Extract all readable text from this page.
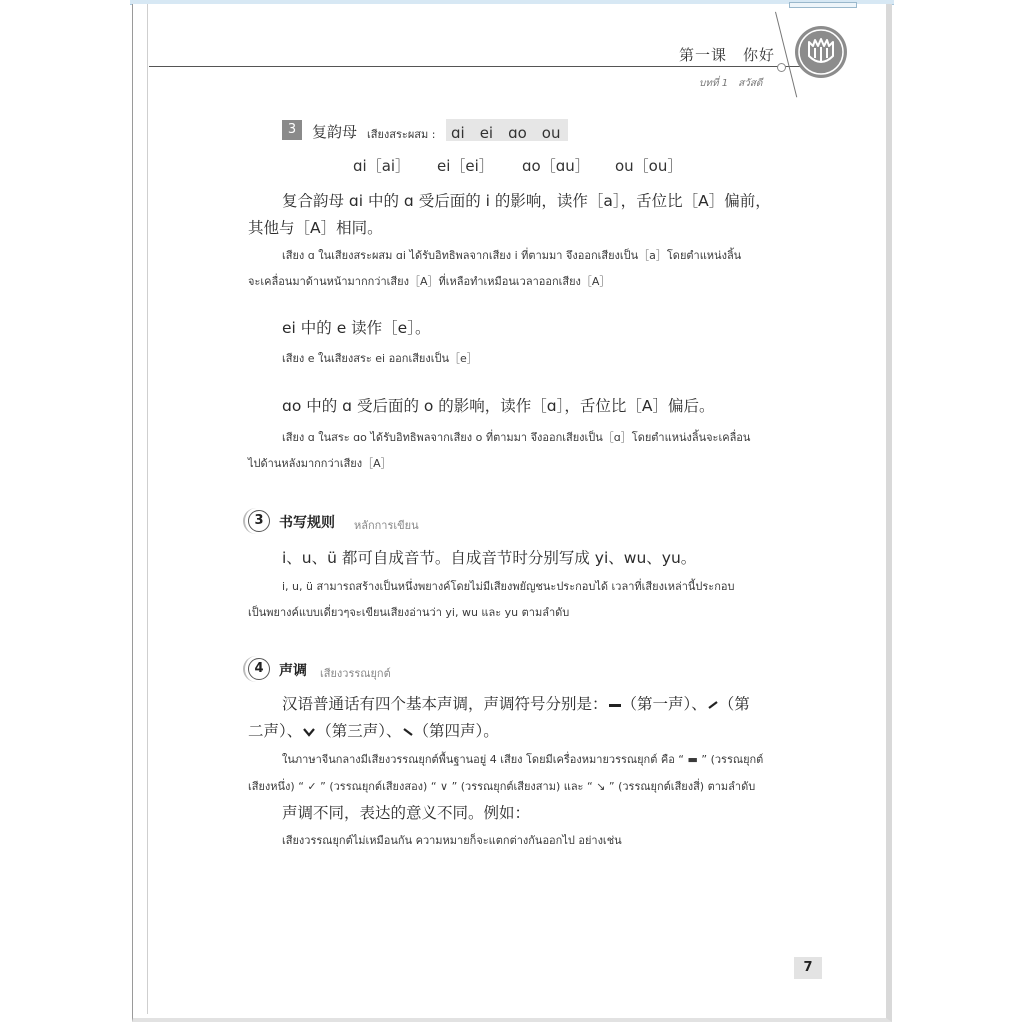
第一课　你好
บทที่ 1　สวัสดี
3	复韵母 เสียงสระผสม : ɑi　ei　ɑo　ou
ɑi［ai］ ei［ei］ ɑo［ɑu］ ou［ou］
复合韵母 ɑi 中的 ɑ 受后面的 i 的影响，读作［a］，舌位比［A］偏前，
其他与［A］相同。
เสียง ɑ ในเสียงสระผสม ɑi ได้รับอิทธิพลจากเสียง i ที่ตามมา จึงออกเสียงเป็น［a］โดยตำแหน่งลิ้น
จะเคลื่อนมาด้านหน้ามากกว่าเสียง［A］ที่เหลือทำเหมือนเวลาออกเสียง［A］
ei 中的 e 读作［e］。
เสียง e ในเสียงสระ ei ออกเสียงเป็น［e］
ɑo 中的 ɑ 受后面的 o 的影响，读作［ɑ］，舌位比［A］偏后。
เสียง ɑ ในสระ ɑo ได้รับอิทธิพลจากเสียง o ที่ตามมา จึงออกเสียงเป็น［ɑ］โดยตำแหน่งลิ้นจะเคลื่อน
ไปด้านหลังมากกว่าเสียง［A］
3	书写规则 หลักการเขียน
i、u、ü 都可自成音节。自成音节时分别写成 yi、wu、yu。
i, u, ü สามารถสร้างเป็นหนึ่งพยางค์โดยไม่มีเสียงพยัญชนะประกอบได้ เวลาที่เสียงเหล่านี้ประกอบ
เป็นพยางค์แบบเดี่ยวๆจะเขียนเสียงอ่านว่า yi, wu และ yu ตามลำดับ
4	声调 เสียงวรรณยุกต์
汉语普通话有四个基本声调，声调符号分别是： （第一声）、 （第
二声）、 （第三声）、 （第四声）。
ในภาษาจีนกลางมีเสียงวรรณยุกต์พื้นฐานอยู่ 4 เสียง โดยมีเครื่องหมายวรรณยุกต์ คือ “ ▬ ” (วรรณยุกต์
เสียงหนึ่ง) “ ✓ ” (วรรณยุกต์เสียงสอง) “ ∨ ” (วรรณยุกต์เสียงสาม) และ “ ↘ ” (วรรณยุกต์เสียงสี่) ตามลำดับ
声调不同，表达的意义不同。例如：
เสียงวรรณยุกต์ไม่เหมือนกัน ความหมายก็จะแตกต่างกันออกไป อย่างเช่น
7
